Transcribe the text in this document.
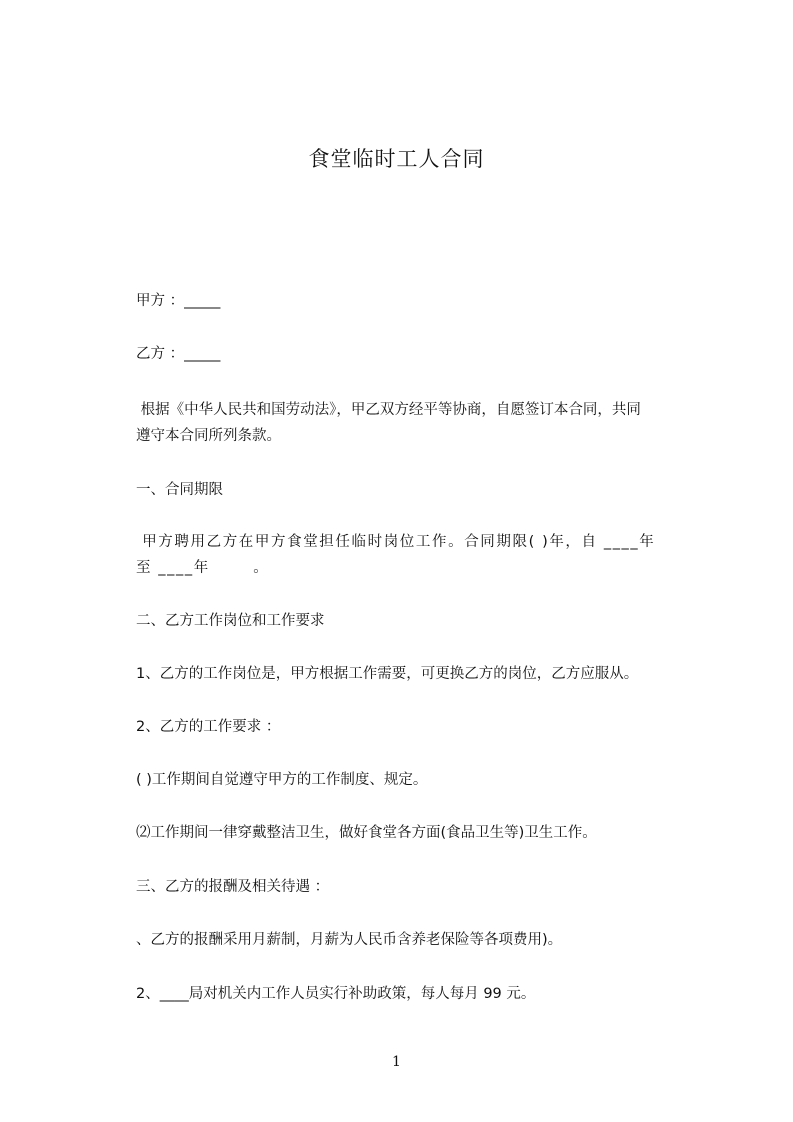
食堂临时工人合同
甲方 ：_____
乙方 ：_____
根据《中华人民共和国劳动法》，甲乙双方经平等协商，自愿签订本合同，共同
遵守本合同所列条款。
一、合同期限
甲方聘用乙方在甲方食堂担任临时岗位工作。合同期限( )年，自 ____年
至 ____年       。
二、乙方工作岗位和工作要求
1、乙方的工作岗位是，甲方根据工作需要，可更换乙方的岗位，乙方应服从。
2、乙方的工作要求 ：
( )工作期间自觉遵守甲方的工作制度、规定。
⑵工作期间一律穿戴整洁卫生，做好食堂各方面(食品卫生等)卫生工作。
三、乙方的报酬及相关待遇 ：
、乙方的报酬采用月薪制，月薪为人民币含养老保险等各项费用)。
2、____局对机关内工作人员实行补助政策，每人每月 99 元。
1
